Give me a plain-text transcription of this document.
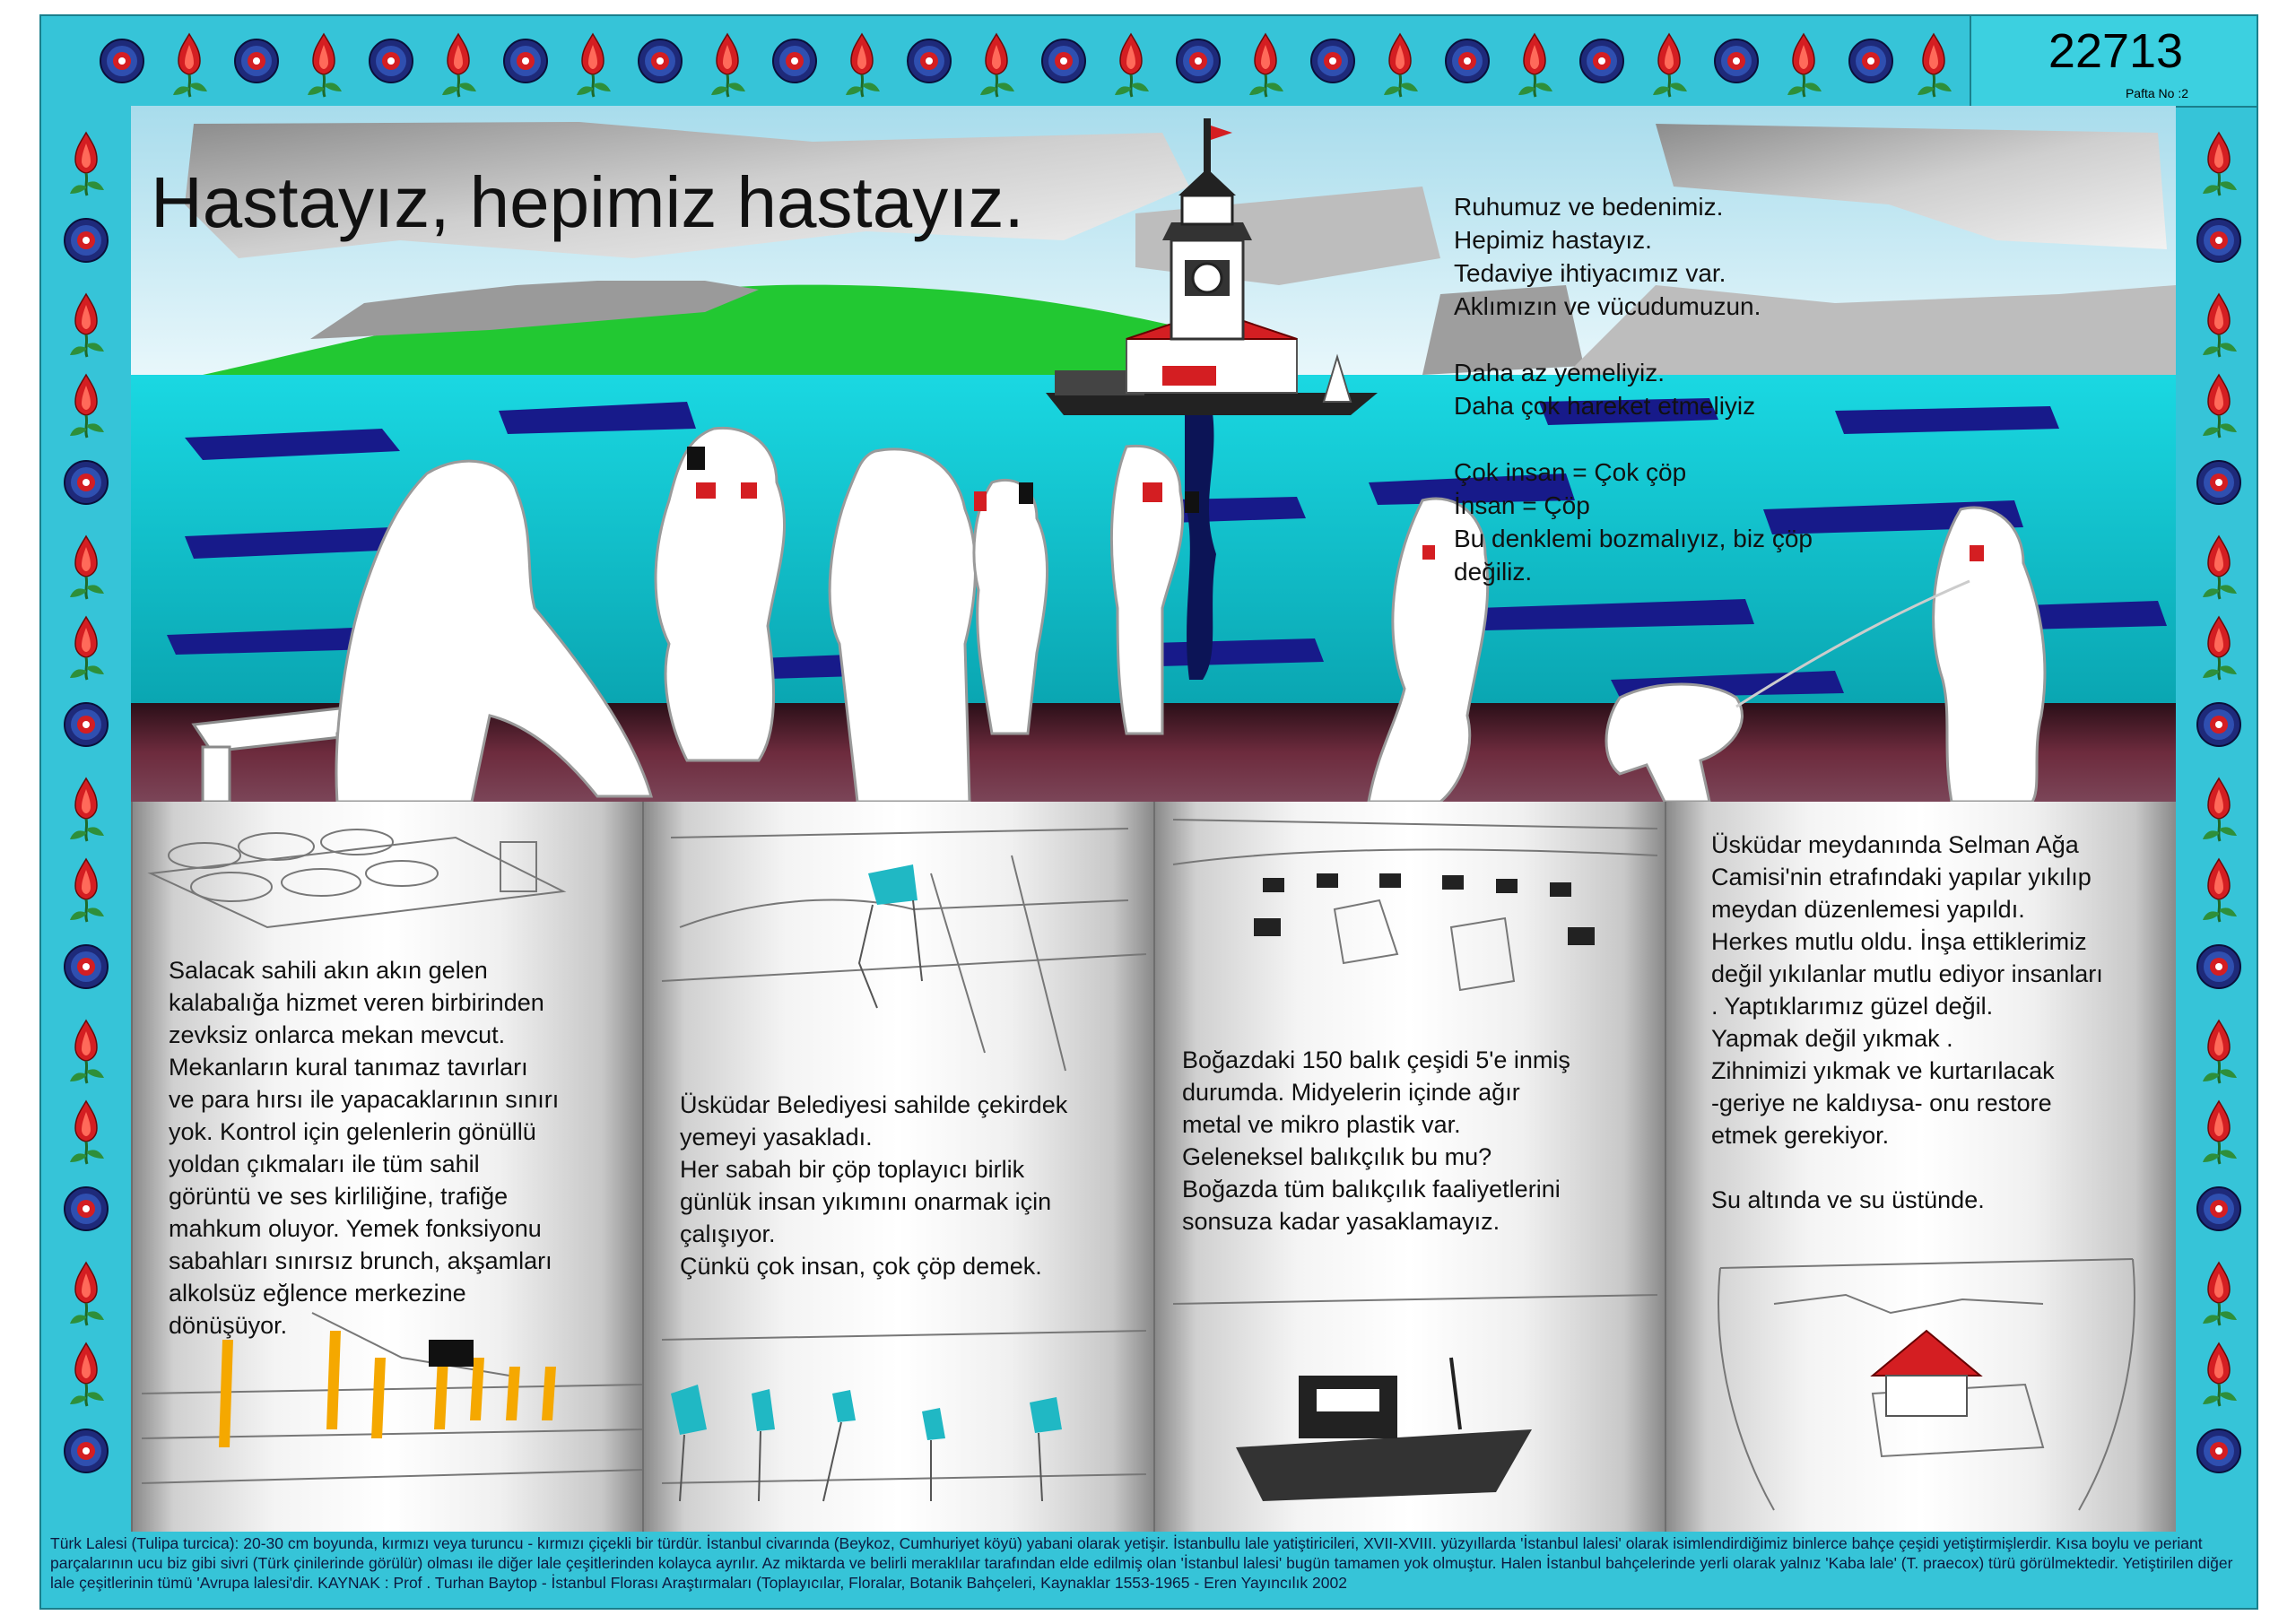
22713
Pafta No :2
Hastayız, hepimiz hastayız.	Ruhumuz ve bedenimiz.
Hepimiz hastayız.
Tedaviye ihtiyacımız var.
Aklımızın ve vücudumuzun.
Daha az yemeliyiz.
Daha çok hareket etmeliyiz
Çok insan = Çok çöp
İnsan = Çöp
Bu denklemi bozmalıyız, biz çöp
değiliz.
Salacak sahili akın akın gelen
kalabalığa hizmet veren birbirinden
zevksiz onlarca mekan mevcut.
Mekanların kural tanımaz tavırları
ve para hırsı ile yapacaklarının sınırı
yok. Kontrol için gelenlerin gönüllü
yoldan çıkmaları ile tüm sahil
görüntü ve ses kirliliğine, trafiğe
mahkum oluyor. Yemek fonksiyonu
sabahları sınırsız brunch, akşamları
alkolsüz eğlence merkezine
dönüşüyor.
Üsküdar Belediyesi sahilde çekirdek
yemeyi yasakladı.
Her sabah bir çöp toplayıcı birlik
günlük insan yıkımını onarmak için
çalışıyor.
Çünkü çok insan, çok çöp demek.
Boğazdaki 150 balık çeşidi 5'e inmiş
durumda. Midyelerin içinde ağır
metal ve mikro plastik var.
Geleneksel balıkçılık bu mu?
Boğazda tüm balıkçılık faaliyetlerini
sonsuza kadar yasaklamayız.
Üsküdar meydanında Selman Ağa
Camisi'nin etrafındaki yapılar yıkılıp
meydan düzenlemesi yapıldı.
Herkes mutlu oldu. İnşa ettiklerimiz
değil yıkılanlar mutlu ediyor insanları
. Yaptıklarımız güzel değil.
Yapmak değil yıkmak .
Zihnimizi yıkmak ve kurtarılacak
-geriye ne kaldıysa- onu restore
etmek gerekiyor.
Su altında ve su üstünde.
Türk Lalesi (Tulipa turcica): 20-30 cm boyunda, kırmızı veya turuncu - kırmızı çiçekli bir türdür. İstanbul civarında (Beykoz, Cumhuriyet köyü) yabani olarak yetişir. İstanbullu lale yatiştiricileri, XVII-XVIII. yüzyıllarda 'İstanbul lalesi' olarak isimlendirdiğimiz binlerce bahçe çeşidi yetiştirmişlerdir. Kısa boylu ve periant parçalarının ucu biz gibi sivri (Türk çinilerinde görülür) olması ile diğer lale çeşitlerinden kolayca ayrılır. Az miktarda ve belirli meraklılar tarafından elde edilmiş olan 'İstanbul lalesi' bugün tamamen yok olmuştur. Halen İstanbul bahçelerinde yerli olarak yalnız 'Kaba lale' (T. praecox) türü görülmektedir. Yetiştirilen diğer lale çeşitlerinin tümü 'Avrupa lalesi'dir. KAYNAK : Prof . Turhan Baytop - İstanbul Florası Araştırmaları (Toplayıcılar, Floralar, Botanik Bahçeleri, Kaynaklar 1553-1965 - Eren Yayıncılık 2002
